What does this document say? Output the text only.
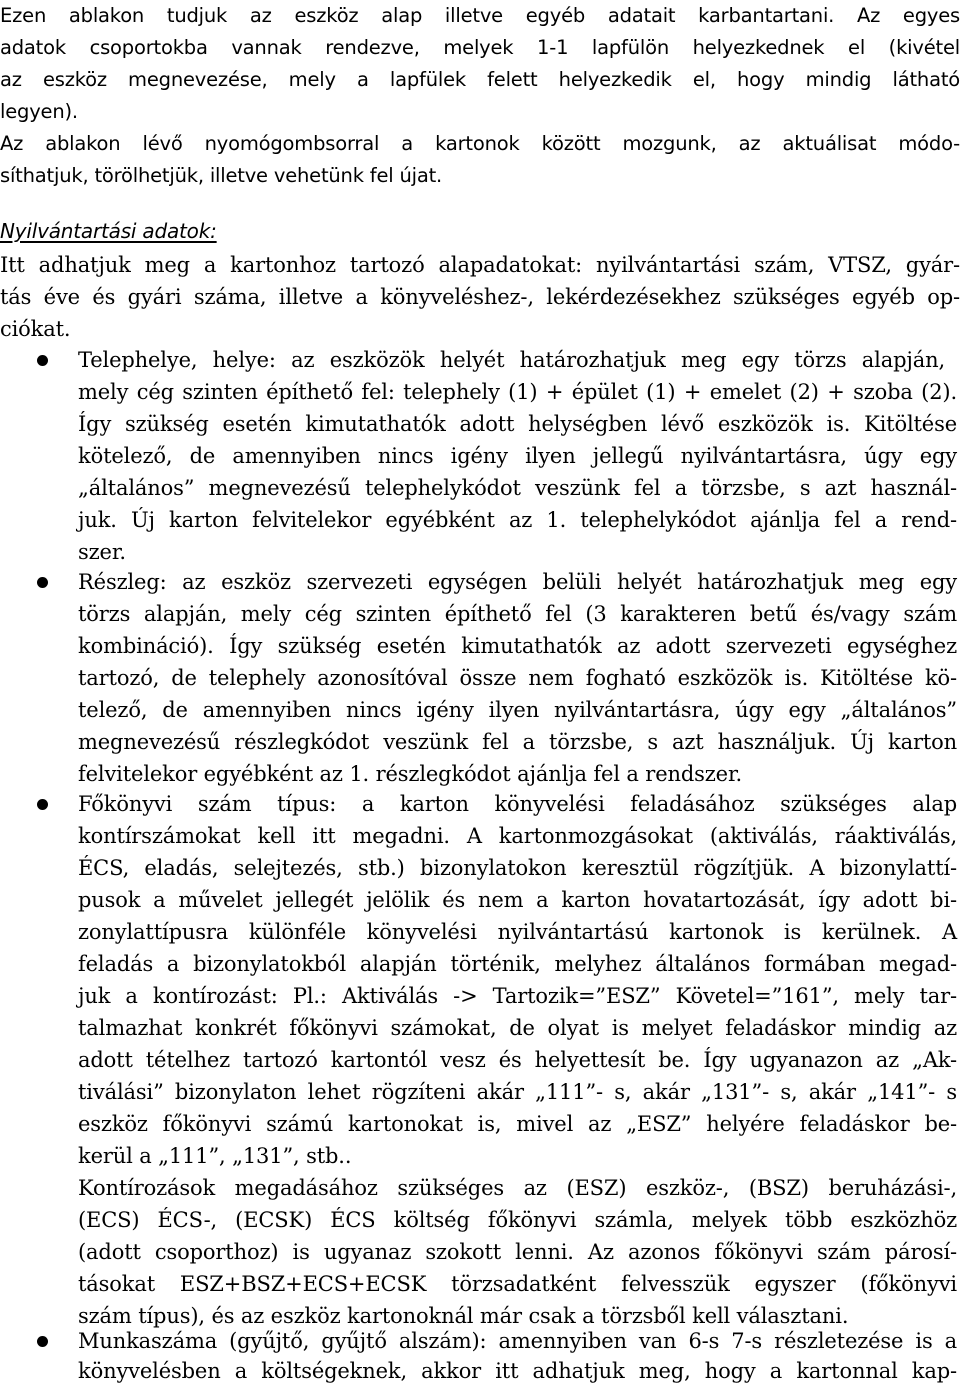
Ezen ablakon tudjuk az eszköz alap illetve egyéb adatait karbantartani. Az egyes
adatok csoportokba vannak rendezve, melyek 1-1 lapfülön helyezkednek el (kivétel
az eszköz megnevezése, mely a lapfülek felett helyezkedik el, hogy mindig látható
legyen).
Az ablakon lévő nyomógombsorral a kartonok között mozgunk, az aktuálisat módo-
síthatjuk, törölhetjük, illetve vehetünk fel újat.
Nyilvántartási adatok:
Itt adhatjuk meg a kartonhoz tartozó alapadatokat: nyilvántartási szám, VTSZ, gyár-
tás éve és gyári száma, illetve a könyveléshez-, lekérdezésekhez szükséges egyéb op-
ciókat.
Telephelye, helye: az eszközök helyét határozhatjuk meg egy törzs alapján,
mely cég szinten építhető fel: telephely (1) + épület (1) + emelet (2) + szoba (2).
Így szükség esetén kimutathatók adott helységben lévő eszközök is. Kitöltése
kötelező, de amennyiben nincs igény ilyen jellegű nyilvántartásra, úgy egy
„általános” megnevezésű telephelykódot veszünk fel a törzsbe, s azt használ-
juk. Új karton felvitelekor egyébként az 1. telephelykódot ajánlja fel a rend-
szer.
Részleg: az eszköz szervezeti egységen belüli helyét határozhatjuk meg egy
törzs alapján, mely cég szinten építhető fel (3 karakteren betű és/vagy szám
kombináció). Így szükség esetén kimutathatók az adott szervezeti egységhez
tartozó, de telephely azonosítóval össze nem fogható eszközök is. Kitöltése kö-
telező, de amennyiben nincs igény ilyen nyilvántartásra, úgy egy „általános”
megnevezésű részlegkódot veszünk fel a törzsbe, s azt használjuk. Új karton
felvitelekor egyébként az 1. részlegkódot ajánlja fel a rendszer.
Főkönyvi szám típus: a karton könyvelési feladásához szükséges alap
kontírszámokat kell itt megadni. A kartonmozgásokat (aktiválás, ráaktiválás,
ÉCS, eladás, selejtezés, stb.) bizonylatokon keresztül rögzítjük. A bizonylattí-
pusok a művelet jellegét jelölik és nem a karton hovatartozását, így adott bi-
zonylattípusra különféle könyvelési nyilvántartású kartonok is kerülnek. A
feladás a bizonylatokból alapján történik, melyhez általános formában megad-
juk a kontírozást: Pl.: Aktiválás -> Tartozik=”ESZ” Követel=”161”, mely tar-
talmazhat konkrét főkönyvi számokat, de olyat is melyet feladáskor mindig az
adott tételhez tartozó kartontól vesz és helyettesít be. Így ugyanazon az „Ak-
tiválási” bizonylaton lehet rögzíteni akár „111”- s, akár „131”- s, akár „141”- s
eszköz főkönyvi számú kartonokat is, mivel az „ESZ” helyére feladáskor be-
kerül a „111”, „131”, stb..
Kontírozások megadásához szükséges az (ESZ) eszköz-, (BSZ) beruházási-,
(ECS) ÉCS-, (ECSK) ÉCS költség főkönyvi számla, melyek több eszközhöz
(adott csoporthoz) is ugyanaz szokott lenni. Az azonos főkönyvi szám párosí-
tásokat ESZ+BSZ+ECS+ECSK törzsadatként felvesszük egyszer (főkönyvi
szám típus), és az eszköz kartonoknál már csak a törzsből kell választani.
Munkaszáma (gyűjtő, gyűjtő alszám): amennyiben van 6-s 7-s részletezése is a
könyvelésben a költségeknek, akkor itt adhatjuk meg, hogy a kartonnal kap-
